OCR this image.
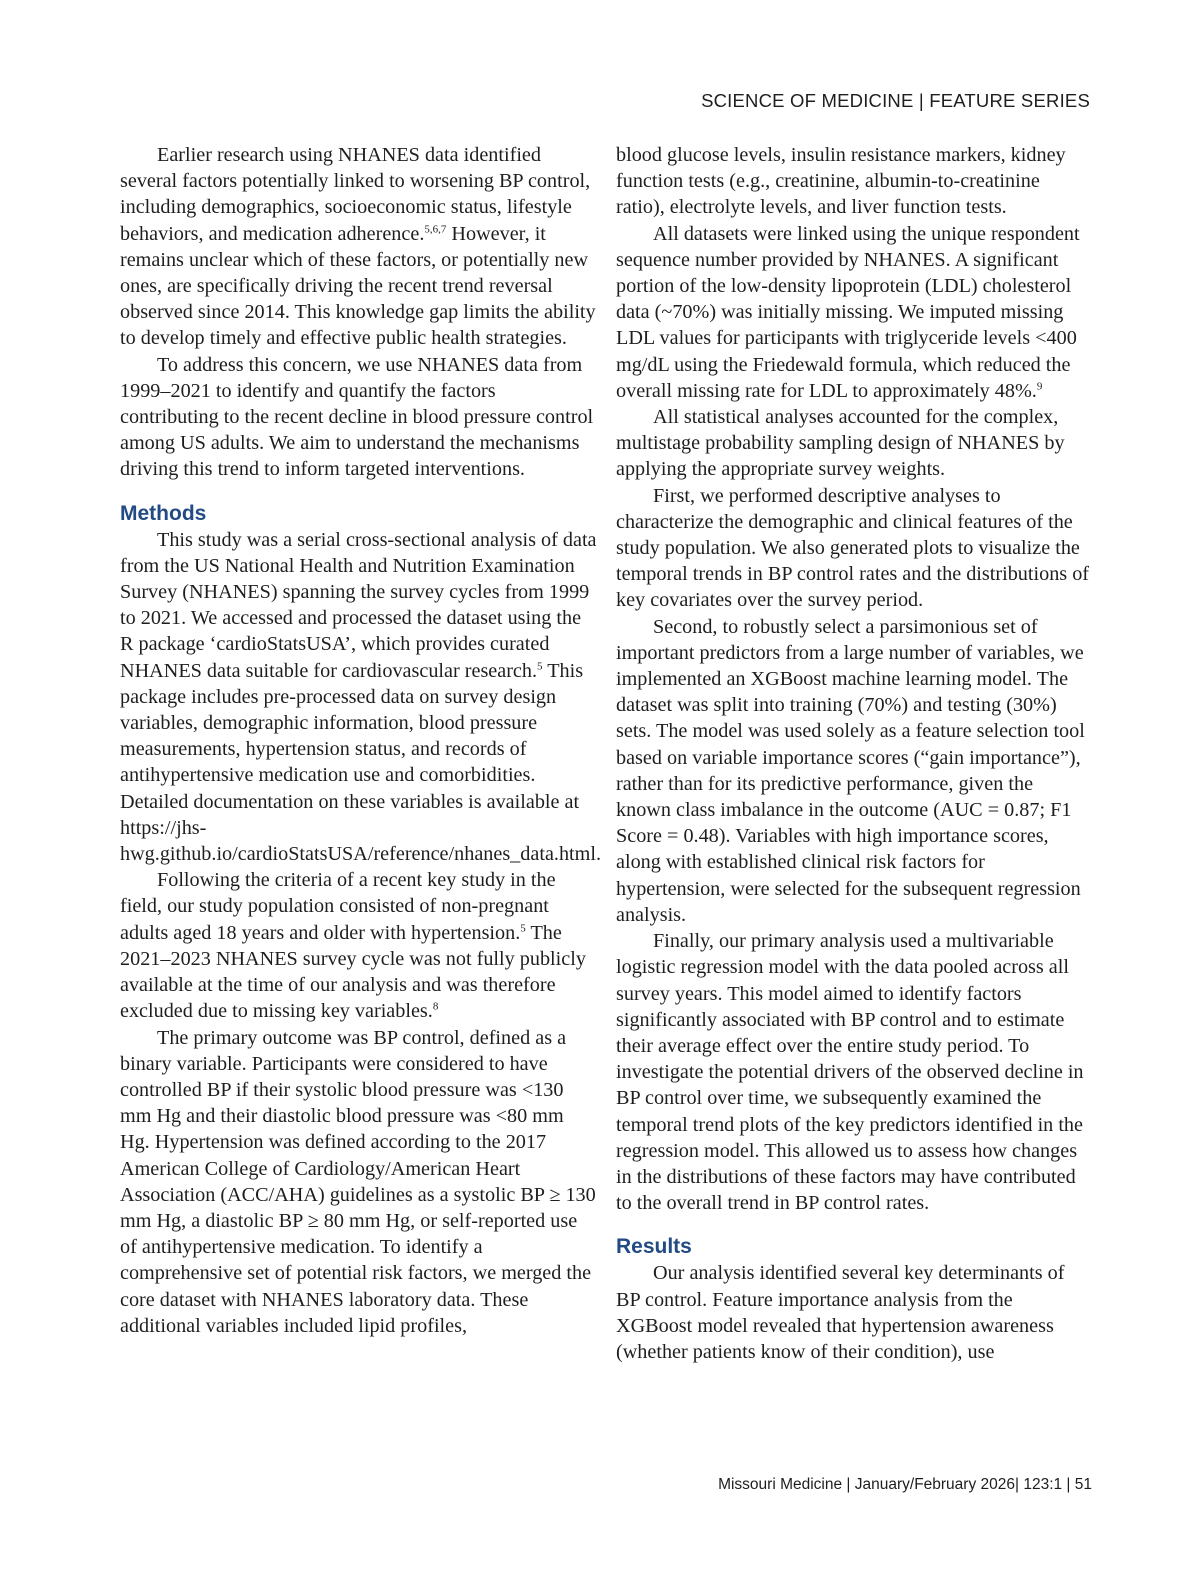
SCIENCE OF MEDICINE | FEATURE SERIES

Earlier research using NHANES data identified several factors potentially linked to worsening BP control, including demographics, socioeconomic status, lifestyle behaviors, and medication adherence.$^{5,6,7}$ However, it remains unclear which of these factors, or potentially new ones, are specifically driving the recent trend reversal observed since 2014. This knowledge gap limits the ability to develop timely and effective public health strategies.

To address this concern, we use NHANES data from 1999–2021 to identify and quantify the factors contributing to the recent decline in blood pressure control among US adults. We aim to understand the mechanisms driving this trend to inform targeted interventions.

Methods

This study was a serial cross-sectional analysis of data from the US National Health and Nutrition Examination Survey (NHANES) spanning the survey cycles from 1999 to 2021. We accessed and processed the dataset using the R package ‘cardioStatsUSA’, which provides curated NHANES data suitable for cardiovascular research.$^5$ This package includes pre-processed data on survey design variables, demographic information, blood pressure measurements, hypertension status, and records of antihypertensive medication use and comorbidities. Detailed documentation on these variables is available at https://jhs-hwg.github.io/cardioStatsUSA/reference/nhanes_data.html.

Following the criteria of a recent key study in the field, our study population consisted of non-pregnant adults aged 18 years and older with hypertension.$^5$ The 2021–2023 NHANES survey cycle was not fully publicly available at the time of our analysis and was therefore excluded due to missing key variables.$^8$

The primary outcome was BP control, defined as a binary variable. Participants were considered to have controlled BP if their systolic blood pressure was <130 mm Hg and their diastolic blood pressure was <80 mm Hg. Hypertension was defined according to the 2017 American College of Cardiology/American Heart Association (ACC/AHA) guidelines as a systolic BP ≥ 130 mm Hg, a diastolic BP ≥ 80 mm Hg, or self-reported use of antihypertensive medication. To identify a comprehensive set of potential risk factors, we merged the core dataset with NHANES laboratory data. These additional variables included lipid profiles,

blood glucose levels, insulin resistance markers, kidney function tests (e.g., creatinine, albumin-to-creatinine ratio), electrolyte levels, and liver function tests.

All datasets were linked using the unique respondent sequence number provided by NHANES. A significant portion of the low-density lipoprotein (LDL) cholesterol data (~70%) was initially missing. We imputed missing LDL values for participants with triglyceride levels <400 mg/dL using the Friedewald formula, which reduced the overall missing rate for LDL to approximately 48%.$^9$

All statistical analyses accounted for the complex, multistage probability sampling design of NHANES by applying the appropriate survey weights.

First, we performed descriptive analyses to characterize the demographic and clinical features of the study population. We also generated plots to visualize the temporal trends in BP control rates and the distributions of key covariates over the survey period.

Second, to robustly select a parsimonious set of important predictors from a large number of variables, we implemented an XGBoost machine learning model. The dataset was split into training (70%) and testing (30%) sets. The model was used solely as a feature selection tool based on variable importance scores (“gain importance”), rather than for its predictive performance, given the known class imbalance in the outcome (AUC = 0.87; F1 Score = 0.48). Variables with high importance scores, along with established clinical risk factors for hypertension, were selected for the subsequent regression analysis.

Finally, our primary analysis used a multivariable logistic regression model with the data pooled across all survey years. This model aimed to identify factors significantly associated with BP control and to estimate their average effect over the entire study period. To investigate the potential drivers of the observed decline in BP control over time, we subsequently examined the temporal trend plots of the key predictors identified in the regression model. This allowed us to assess how changes in the distributions of these factors may have contributed to the overall trend in BP control rates.

Results

Our analysis identified several key determinants of BP control. Feature importance analysis from the XGBoost model revealed that hypertension awareness (whether patients know of their condition), use

Missouri Medicine | January/February 2026| 123:1 | 51
